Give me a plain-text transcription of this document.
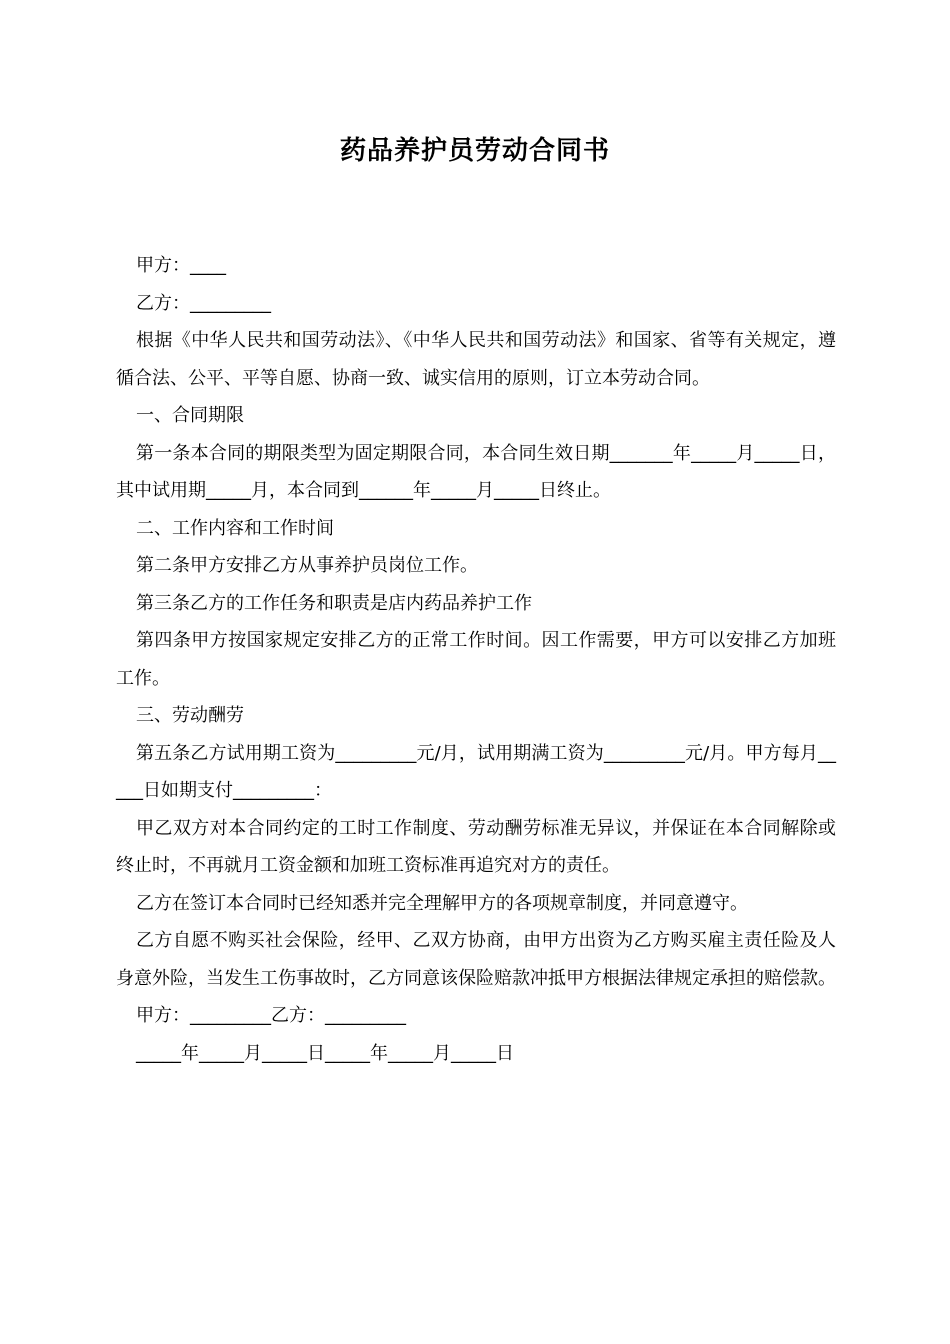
药品养护员劳动合同书

甲方：____

乙方：_________

根据《中华人民共和国劳动法》、《中华人民共和国劳动法》和国家、省等有关规定，遵循合法、公平、平等自愿、协商一致、诚实信用的原则，订立本劳动合同。

一、合同期限

第一条本合同的期限类型为固定期限合同，本合同生效日期_______年_____月_____日，其中试用期_____月，本合同到______年_____月_____日终止。

二、工作内容和工作时间

第二条甲方安排乙方从事养护员岗位工作。

第三条乙方的工作任务和职责是店内药品养护工作

第四条甲方按国家规定安排乙方的正常工作时间。因工作需要，甲方可以安排乙方加班工作。

三、劳动酬劳

第五条乙方试用期工资为_________元/月，试用期满工资为_________元/月。甲方每月_____日如期支付_________：

甲乙双方对本合同约定的工时工作制度、劳动酬劳标准无异议，并保证在本合同解除或终止时，不再就月工资金额和加班工资标准再追究对方的责任。

乙方在签订本合同时已经知悉并完全理解甲方的各项规章制度，并同意遵守。

乙方自愿不购买社会保险，经甲、乙双方协商，由甲方出资为乙方购买雇主责任险及人身意外险，当发生工伤事故时，乙方同意该保险赔款冲抵甲方根据法律规定承担的赔偿款。

甲方：_________乙方：_________

_____年_____月_____日_____年_____月_____日
